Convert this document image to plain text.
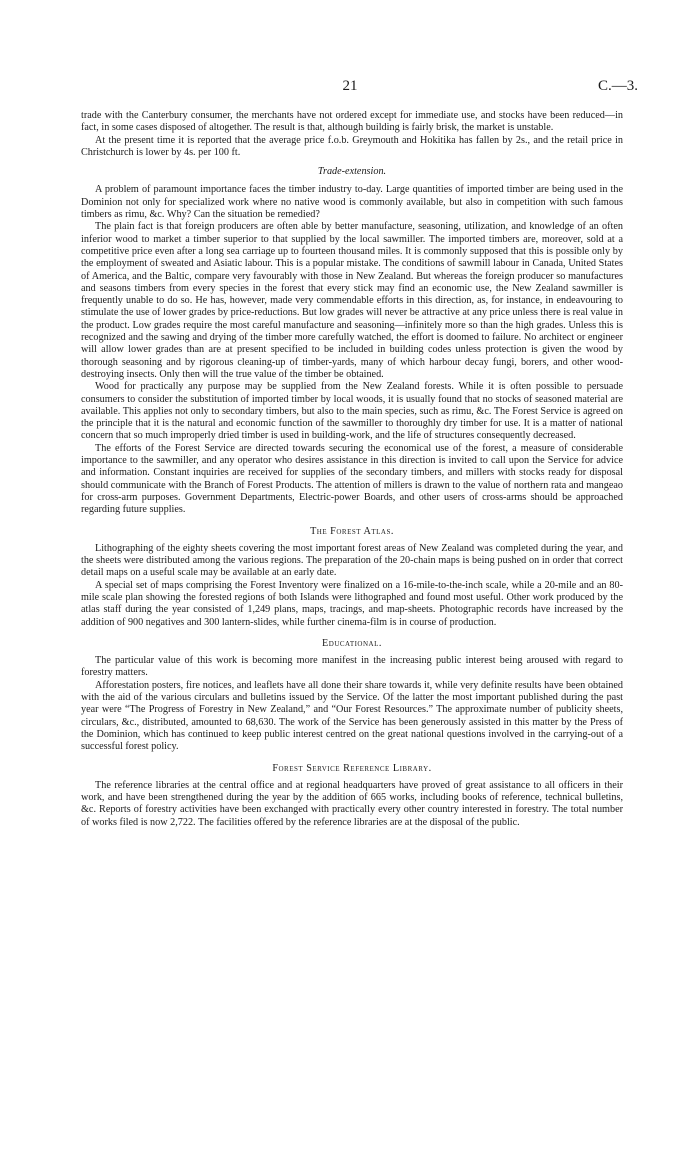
21	C.—3.

trade with the Canterbury consumer, the merchants have not ordered except for immediate use, and stocks have been reduced—in fact, in some cases disposed of altogether. The result is that, although building is fairly brisk, the market is unstable.

At the present time it is reported that the average price f.o.b. Greymouth and Hokitika has fallen by 2s., and the retail price in Christchurch is lower by 4s. per 100 ft.

Trade-extension.

A problem of paramount importance faces the timber industry to-day. Large quantities of imported timber are being used in the Dominion not only for specialized work where no native wood is commonly available, but also in competition with such famous timbers as rimu, &c. Why? Can the situation be remedied?

The plain fact is that foreign producers are often able by better manufacture, seasoning, utilization, and knowledge of an often inferior wood to market a timber superior to that supplied by the local sawmiller. The imported timbers are, moreover, sold at a competitive price even after a long sea carriage up to fourteen thousand miles. It is commonly supposed that this is possible only by the employment of sweated and Asiatic labour. This is a popular mistake. The conditions of sawmill labour in Canada, United States of America, and the Baltic, compare very favourably with those in New Zealand. But whereas the foreign producer so manufactures and seasons timbers from every species in the forest that every stick may find an economic use, the New Zealand sawmiller is frequently unable to do so. He has, however, made very commendable efforts in this direction, as, for instance, in endeavouring to stimulate the use of lower grades by price-reductions. But low grades will never be attractive at any price unless there is real value in the product. Low grades require the most careful manufacture and seasoning—infinitely more so than the high grades. Unless this is recognized and the sawing and drying of the timber more carefully watched, the effort is doomed to failure. No architect or engineer will allow lower grades than are at present specified to be included in building codes unless protection is given the wood by thorough seasoning and by rigorous cleaning-up of timber-yards, many of which harbour decay fungi, borers, and other wood-destroying insects. Only then will the true value of the timber be obtained.

Wood for practically any purpose may be supplied from the New Zealand forests. While it is often possible to persuade consumers to consider the substitution of imported timber by local woods, it is usually found that no stocks of seasoned material are available. This applies not only to secondary timbers, but also to the main species, such as rimu, &c. The Forest Service is agreed on the principle that it is the natural and economic function of the sawmiller to thoroughly dry timber for use. It is a matter of national concern that so much improperly dried timber is used in building-work, and the life of structures consequently decreased.

The efforts of the Forest Service are directed towards securing the economical use of the forest, a measure of considerable importance to the sawmiller, and any operator who desires assistance in this direction is invited to call upon the Service for advice and information. Constant inquiries are received for supplies of the secondary timbers, and millers with stocks ready for disposal should communicate with the Branch of Forest Products. The attention of millers is drawn to the value of northern rata and mangeao for cross-arm purposes. Government Departments, Electric-power Boards, and other users of cross-arms should be approached regarding future supplies.

The Forest Atlas.

Lithographing of the eighty sheets covering the most important forest areas of New Zealand was completed during the year, and the sheets were distributed among the various regions. The preparation of the 20-chain maps is being pushed on in order that correct detail maps on a useful scale may be available at an early date.

A special set of maps comprising the Forest Inventory were finalized on a 16-mile-to-the-inch scale, while a 20-mile and an 80-mile scale plan showing the forested regions of both Islands were lithographed and found most useful. Other work produced by the atlas staff during the year consisted of 1,249 plans, maps, tracings, and map-sheets. Photographic records have increased by the addition of 900 negatives and 300 lantern-slides, while further cinema-film is in course of production.

Educational.

The particular value of this work is becoming more manifest in the increasing public interest being aroused with regard to forestry matters.

Afforestation posters, fire notices, and leaflets have all done their share towards it, while very definite results have been obtained with the aid of the various circulars and bulletins issued by the Service. Of the latter the most important published during the past year were “The Progress of Forestry in New Zealand,” and “Our Forest Resources.” The approximate number of publicity sheets, circulars, &c., distributed, amounted to 68,630. The work of the Service has been generously assisted in this matter by the Press of the Dominion, which has continued to keep public interest centred on the great national questions involved in the carrying-out of a successful forest policy.

Forest Service Reference Library.

The reference libraries at the central office and at regional headquarters have proved of great assistance to all officers in their work, and have been strengthened during the year by the addition of 665 works, including books of reference, technical bulletins, &c. Reports of forestry activities have been exchanged with practically every other country interested in forestry. The total number of works filed is now 2,722. The facilities offered by the reference libraries are at the disposal of the public.
